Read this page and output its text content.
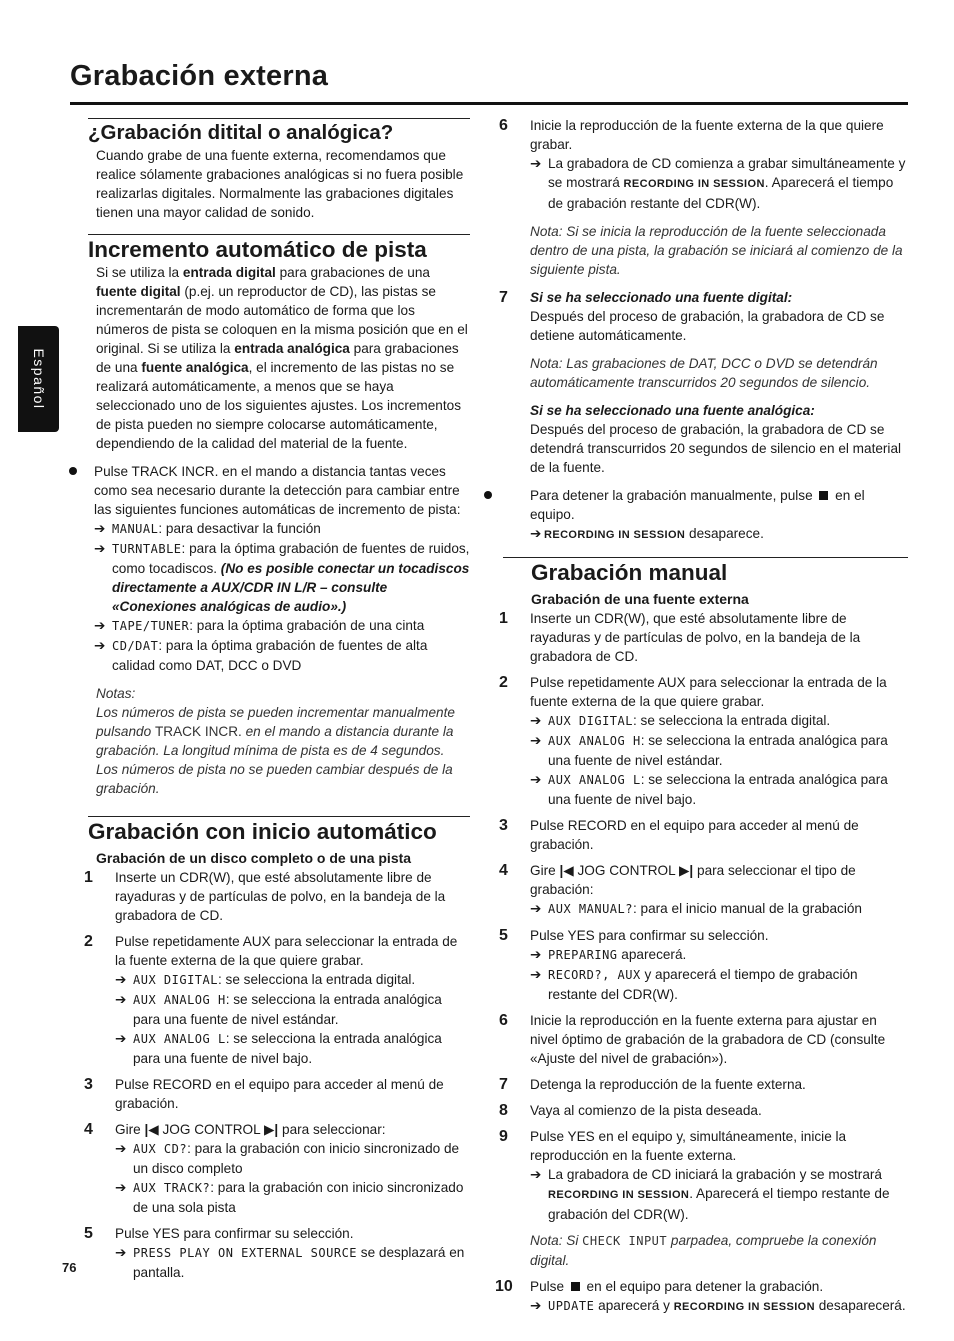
Grabación externa
Español
¿Grabación ditital o analógica?

Cuando grabe de una fuente externa, recomendamos que realice sólamente grabaciones analógicas si no fuera posible realizarlas digitales. Normalmente las grabaciones digitales tienen una mayor calidad de sonido.

Incremento automático de pista

Si se utiliza la entrada digital para grabaciones de una fuente digital (p.ej. un reproductor de CD), las pistas se incrementarán de modo automático de forma que los números de pista se coloquen en la misma posición que en el original. Si se utiliza la entrada analógica para grabaciones de una fuente analógica, el incremento de las pistas no se realizará automáticamente, a menos que se haya seleccionado uno de los siguientes ajustes. Los incrementos de pista pueden no siempre colocarse automáticamente, dependiendo de la calidad del material de la fuente.

Pulse TRACK INCR. en el mando a distancia tantas veces como sea necesario durante la detección para cambiar entre las siguientes funciones automáticas de incremento de pista:

➔ MANUAL: para desactivar la función
➔ TURNTABLE: para la óptima grabación de fuentes de ruidos, como tocadiscos. (No es posible conectar un tocadiscos directamente a AUX/CDR IN L/R – consulte «Conexiones analógicas de audio».)
➔ TAPE/TUNER: para la óptima grabación de una cinta
➔ CD/DAT: para la óptima grabación de fuentes de alta calidad como DAT, DCC o DVD

Notas:

Los números de pista se pueden incrementar manualmente pulsando TRACK INCR. en el mando a distancia durante la grabación. La longitud mínima de pista es de 4 segundos.

Los números de pista no se pueden cambiar después de la grabación.

Grabación con inicio automático
Grabación de un disco completo o de una pista
1 Inserte un CDR(W), que esté absolutamente libre de rayaduras y de partículas de polvo, en la bandeja de la grabadora de CD.

2 Pulse repetidamente AUX para seleccionar la entrada de la fuente externa de la que quiere grabar.

➔ AUX DIGITAL: se selecciona la entrada digital.
➔ AUX ANALOG H: se selecciona la entrada analógica para una fuente de nivel estándar.
➔ AUX ANALOG L: se selecciona la entrada analógica para una fuente de nivel bajo.
3 Pulse RECORD en el equipo para acceder al menú de grabación.

4 Gire |◀ JOG CONTROL ▶| para seleccionar:

➔ AUX CD?: para la grabación con inicio sincronizado de un disco completo
➔ AUX TRACK?: para la grabación con inicio sincronizado de una sola pista
5 Pulse YES para confirmar su selección.

➔ PRESS PLAY ON EXTERNAL SOURCE se desplazará en pantalla.
6 Inicie la reproducción de la fuente externa de la que quiere grabar.

➔ La grabadora de CD comienza a grabar simultáneamente y se mostrará RECORDING IN SESSION. Aparecerá el tiempo de grabación restante del CDR(W).

Nota: Si se inicia la reproducción de la fuente seleccionada dentro de una pista, la grabación se iniciará al comienzo de la siguiente pista.

7 Si se ha seleccionado una fuente digital:

Después del proceso de grabación, la grabadora de CD se detiene automáticamente.

Nota: Las grabaciones de DAT, DCC o DVD se detendrán automáticamente transcurridos 20 segundos de silencio.

Si se ha seleccionado una fuente analógica:

Después del proceso de grabación, la grabadora de CD se detendrá transcurridos 20 segundos de silencio en el material de la fuente.

Para detener la grabación manualmente, pulse  en el equipo.

➔ RECORDING IN SESSION desaparece.
Grabación manual
Grabación de una fuente externa
1 Inserte un CDR(W), que esté absolutamente libre de rayaduras y de partículas de polvo, en la bandeja de la grabadora de CD.

2 Pulse repetidamente AUX para seleccionar la entrada de la fuente externa de la que quiere grabar.

➔ AUX DIGITAL: se selecciona la entrada digital.
➔ AUX ANALOG H: se selecciona la entrada analógica para una fuente de nivel estándar.
➔ AUX ANALOG L: se selecciona la entrada analógica para una fuente de nivel bajo.
3 Pulse RECORD en el equipo para acceder al menú de grabación.

4 Gire |◀ JOG CONTROL ▶| para seleccionar el tipo de grabación:

➔ AUX MANUAL?: para el inicio manual de la grabación
5 Pulse YES para confirmar su selección.

➔ PREPARING aparecerá.
➔ RECORD?, AUX y aparecerá el tiempo de grabación restante del CDR(W).
6 Inicie la reproducción en la fuente externa para ajustar en nivel óptimo de grabación de la grabadora de CD (consulte «Ajuste del nivel de grabación»).

7 Detenga la reproducción de la fuente externa.

8 Vaya al comienzo de la pista deseada.

9 Pulse YES en el equipo y, simultáneamente, inicie la reproducción en la fuente externa.

➔ La grabadora de CD iniciará la grabación y se mostrará RECORDING IN SESSION. Aparecerá el tiempo restante de grabación del CDR(W).

Nota: Si CHECK INPUT parpadea, compruebe la conexión digital.

10 Pulse  en el equipo para detener la grabación.

➔ UPDATE aparecerá y RECORDING IN SESSION desaparecerá.
76
